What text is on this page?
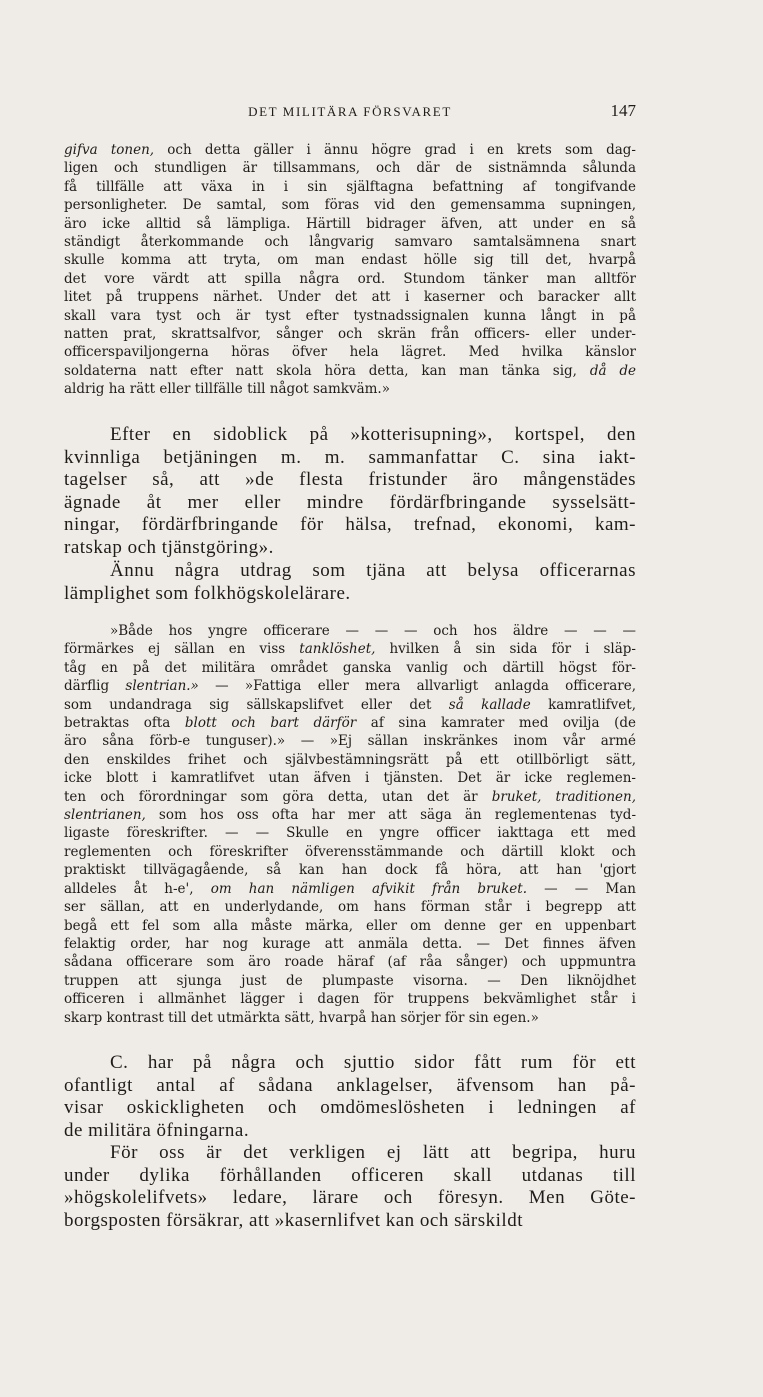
DET MILITÄRA FÖRSVARET	147
gifva tonen, och detta gäller i ännu högre grad i en krets som dag-
ligen och stundligen är tillsammans, och där de sistnämnda sålunda
få tillfälle att växa in i sin själftagna befattning af tongifvande
personligheter. De samtal, som föras vid den gemensamma supningen,
äro icke alltid så lämpliga. Härtill bidrager äfven, att under en så
ständigt återkommande och långvarig samvaro samtalsämnena snart
skulle komma att tryta, om man endast hölle sig till det, hvarpå
det vore värdt att spilla några ord. Stundom tänker man alltför
litet på truppens närhet. Under det att i kaserner och baracker allt
skall vara tyst och är tyst efter tystnadssignalen kunna långt in på
natten prat, skrattsalfvor, sånger och skrän från officers- eller under-
officerspaviljongerna höras öfver hela lägret. Med hvilka känslor
soldaterna natt efter natt skola höra detta, kan man tänka sig, då de
aldrig ha rätt eller tillfälle till något samkväm.»
Efter en sidoblick på »kotterisupning», kortspel, den
kvinnliga betjäningen m. m. sammanfattar C. sina iakt-
tagelser så, att »de flesta fristunder äro mångenstädes
ägnade åt mer eller mindre fördärfbringande sysselsätt-
ningar, fördärfbringande för hälsa, trefnad, ekonomi, kam-
ratskap och tjänstgöring».
Ännu några utdrag som tjäna att belysa officerarnas
lämplighet som folkhögskolelärare.
»Både hos yngre officerare — — — och hos äldre — — —
förmärkes ej sällan en viss tanklöshet, hvilken å sin sida för i släp-
tåg en på det militära området ganska vanlig och därtill högst för-
därflig slentrian.» — »Fattiga eller mera allvarligt anlagda officerare,
som undandraga sig sällskapslifvet eller det så kallade kamratlifvet,
betraktas ofta blott och bart därför af sina kamrater med ovilja (de
äro såna förb-e tunguser).» — »Ej sällan inskränkes inom vår armé
den enskildes frihet och självbestämningsrätt på ett otillbörligt sätt,
icke blott i kamratlifvet utan äfven i tjänsten. Det är icke reglemen-
ten och förordningar som göra detta, utan det är bruket, traditionen,
slentrianen, som hos oss ofta har mer att säga än reglementenas tyd-
ligaste föreskrifter. — — Skulle en yngre officer iakttaga ett med
reglementen och föreskrifter öfverensstämmande och därtill klokt och
praktiskt tillvägagående, så kan han dock få höra, att han 'gjort
alldeles åt h-e', om han nämligen afvikit från bruket. — — Man
ser sällan, att en underlydande, om hans förman står i begrepp att
begå ett fel som alla måste märka, eller om denne ger en uppenbart
felaktig order, har nog kurage att anmäla detta. — Det finnes äfven
sådana officerare som äro roade häraf (af råa sånger) och uppmuntra
truppen att sjunga just de plumpaste visorna. — Den liknöjdhet
officeren i allmänhet lägger i dagen för truppens bekvämlighet står i
skarp kontrast till det utmärkta sätt, hvarpå han sörjer för sin egen.»
C. har på några och sjuttio sidor fått rum för ett
ofantligt antal af sådana anklagelser, äfvensom han på-
visar oskickligheten och omdömeslösheten i ledningen af
de militära öfningarna.
För oss är det verkligen ej lätt att begripa, huru
under dylika förhållanden officeren skall utdanas till
»högskolelifvets» ledare, lärare och föresyn. Men Göte-
borgsposten försäkrar, att »kasernlifvet kan och särskildt
